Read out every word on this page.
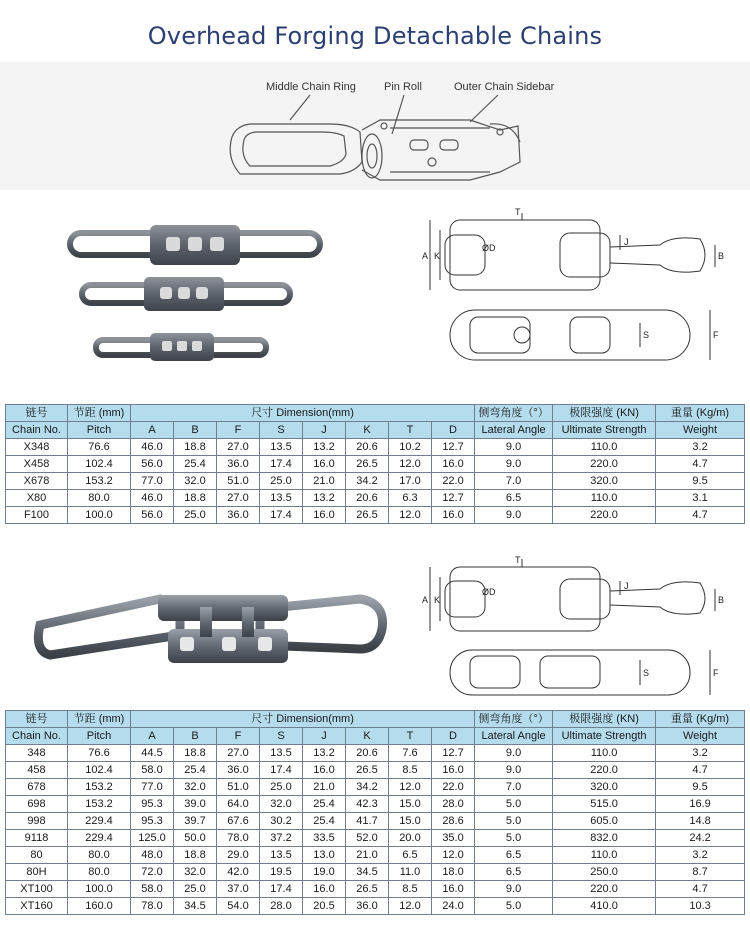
Overhead Forging Detachable Chains
Middle Chain Ring	Pin Roll	Outer Chain Sidebar
A K
ØD
T
J
B
S	F
链号	节距 (mm)	尺寸 Dimension(mm)								侧弯角度（°）	极限强度 (KN)	重量 (Kg/m)
Chain No.	Pitch	A	B	F	S	J	K	T	D	Lateral Angle	Ultimate Strength	Weight
X348	76.6	46.0	18.8	27.0	13.5	13.2	20.6	10.2	12.7	9.0	110.0	3.2
X458	102.4	56.0	25.4	36.0	17.4	16.0	26.5	12.0	16.0	9.0	220.0	4.7
X678	153.2	77.0	32.0	51.0	25.0	21.0	34.2	17.0	22.0	7.0	320.0	9.5
X80	80.0	46.0	18.8	27.0	13.5	13.2	20.6	6.3	12.7	6.5	110.0	3.1
F100	100.0	56.0	25.0	36.0	17.4	16.0	26.5	12.0	16.0	9.0	220.0	4.7
A K
ØD
T
J
B
S	F
链号	节距 (mm)	尺寸 Dimension(mm)								侧弯角度（°）	极限强度 (KN)	重量 (Kg/m)
Chain No.	Pitch	A	B	F	S	J	K	T	D	Lateral Angle	Ultimate Strength	Weight
348	76.6	44.5	18.8	27.0	13.5	13.2	20.6	7.6	12.7	9.0	110.0	3.2
458	102.4	58.0	25.4	36.0	17.4	16.0	26.5	8.5	16.0	9.0	220.0	4.7
678	153.2	77.0	32.0	51.0	25.0	21.0	34.2	12.0	22.0	7.0	320.0	9.5
698	153.2	95.3	39.0	64.0	32.0	25.4	42.3	15.0	28.0	5.0	515.0	16.9
998	229.4	95.3	39.7	67.6	30.2	25.4	41.7	15.0	28.6	5.0	605.0	14.8
9118	229.4	125.0	50.0	78.0	37.2	33.5	52.0	20.0	35.0	5.0	832.0	24.2
80	80.0	48.0	18.8	29.0	13.5	13.0	21.0	6.5	12.0	6.5	110.0	3.2
80H	80.0	72.0	32.0	42.0	19.5	19.0	34.5	11.0	18.0	6.5	250.0	8.7
XT100	100.0	58.0	25.0	37.0	17.4	16.0	26.5	8.5	16.0	9.0	220.0	4.7
XT160	160.0	78.0	34.5	54.0	28.0	20.5	36.0	12.0	24.0	5.0	410.0	10.3
